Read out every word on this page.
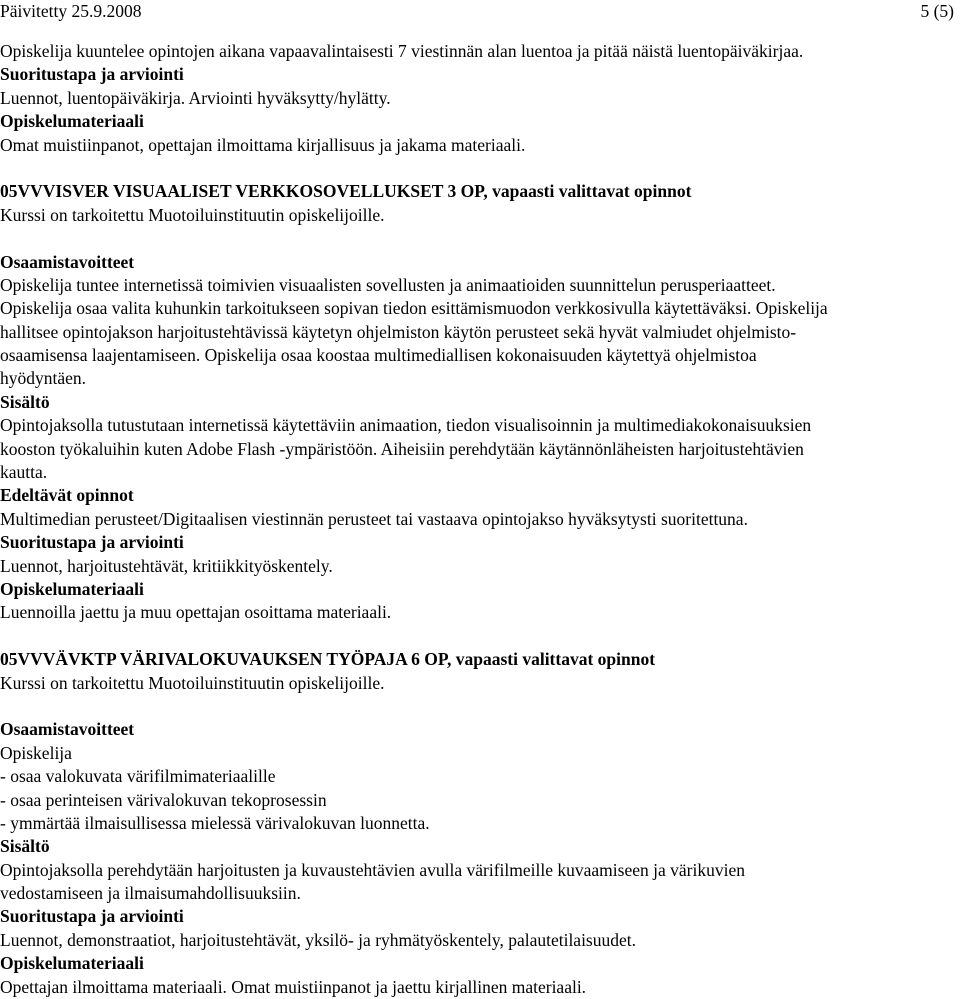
Päivitetty 25.9.2008	5 (5)
Opiskelija kuuntelee opintojen aikana vapaavalintaisesti 7 viestinnän alan luentoa ja pitää näistä luentopäiväkirjaa.
Suoritustapa ja arviointi
Luennot, luentopäiväkirja. Arviointi hyväksytty/hylätty.
Opiskelumateriaali
Omat muistiinpanot, opettajan ilmoittama kirjallisuus ja jakama materiaali.
05VVVISVER VISUAALISET VERKKOSOVELLUKSET 3 OP, vapaasti valittavat opinnot
Kurssi on tarkoitettu Muotoiluinstituutin opiskelijoille.
Osaamistavoitteet
Opiskelija tuntee internetissä toimivien visuaalisten sovellusten ja animaatioiden suunnittelun perusperiaatteet.
Opiskelija osaa valita kuhunkin tarkoitukseen sopivan tiedon esittämismuodon verkkosivulla käytettäväksi. Opiskelija
hallitsee opintojakson harjoitustehtävissä käytetyn ohjelmiston käytön perusteet sekä hyvät valmiudet ohjelmisto-
osaamisensa laajentamiseen. Opiskelija osaa koostaa multimediallisen kokonaisuuden käytettyä ohjelmistoa
hyödyntäen.
Sisältö
Opintojaksolla tutustutaan internetissä käytettäviin animaation, tiedon visualisoinnin ja multimediakokonaisuuksien
kooston työkaluihin kuten Adobe Flash -ympäristöön. Aiheisiin perehdytään käytännönläheisten harjoitustehtävien
kautta.
Edeltävät opinnot
Multimedian perusteet/Digitaalisen viestinnän perusteet tai vastaava opintojakso hyväksytysti suoritettuna.
Suoritustapa ja arviointi
Luennot, harjoitustehtävät, kritiikkityöskentely.
Opiskelumateriaali
Luennoilla jaettu ja muu opettajan osoittama materiaali.
05VVVÄVKTP VÄRIVALOKUVAUKSEN TYÖPAJA 6 OP, vapaasti valittavat opinnot
Kurssi on tarkoitettu Muotoiluinstituutin opiskelijoille.
Osaamistavoitteet
Opiskelija
- osaa valokuvata värifilmimateriaalille
- osaa perinteisen värivalokuvan tekoprosessin
- ymmärtää ilmaisullisessa mielessä värivalokuvan luonnetta.
Sisältö
Opintojaksolla perehdytään harjoitusten ja kuvaustehtävien avulla värifilmeille kuvaamiseen ja värikuvien
vedostamiseen ja ilmaisumahdollisuuksiin.
Suoritustapa ja arviointi
Luennot, demonstraatiot, harjoitustehtävät, yksilö- ja ryhmätyöskentely, palautetilaisuudet.
Opiskelumateriaali
Opettajan ilmoittama materiaali. Omat muistiinpanot ja jaettu kirjallinen materiaali.
